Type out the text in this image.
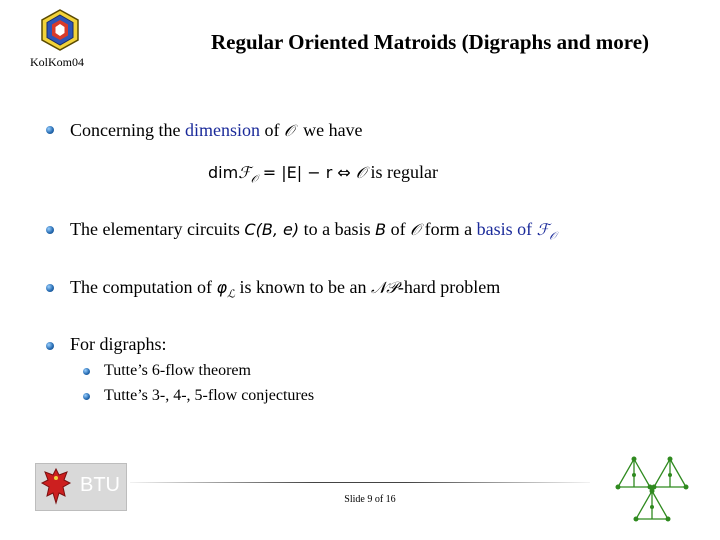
KolKom04
Regular Oriented Matroids (Digraphs and more)
Concerning the dimension of 𝒪 we have
dimℱ$_𝒪$ = |E| − r ⇔ 𝒪 is regular
The elementary circuits C(B, e) to a basis B of 𝒪 form a basis of ℱ$_𝒪$
The computation of $\varphi_ℒ$ is known to be an 𝒩𝒫-hard problem
For digraphs:
Tutte’s 6-flow theorem
Tutte’s 3-, 4-, 5-flow conjectures
BTU
Slide 9 of 16
